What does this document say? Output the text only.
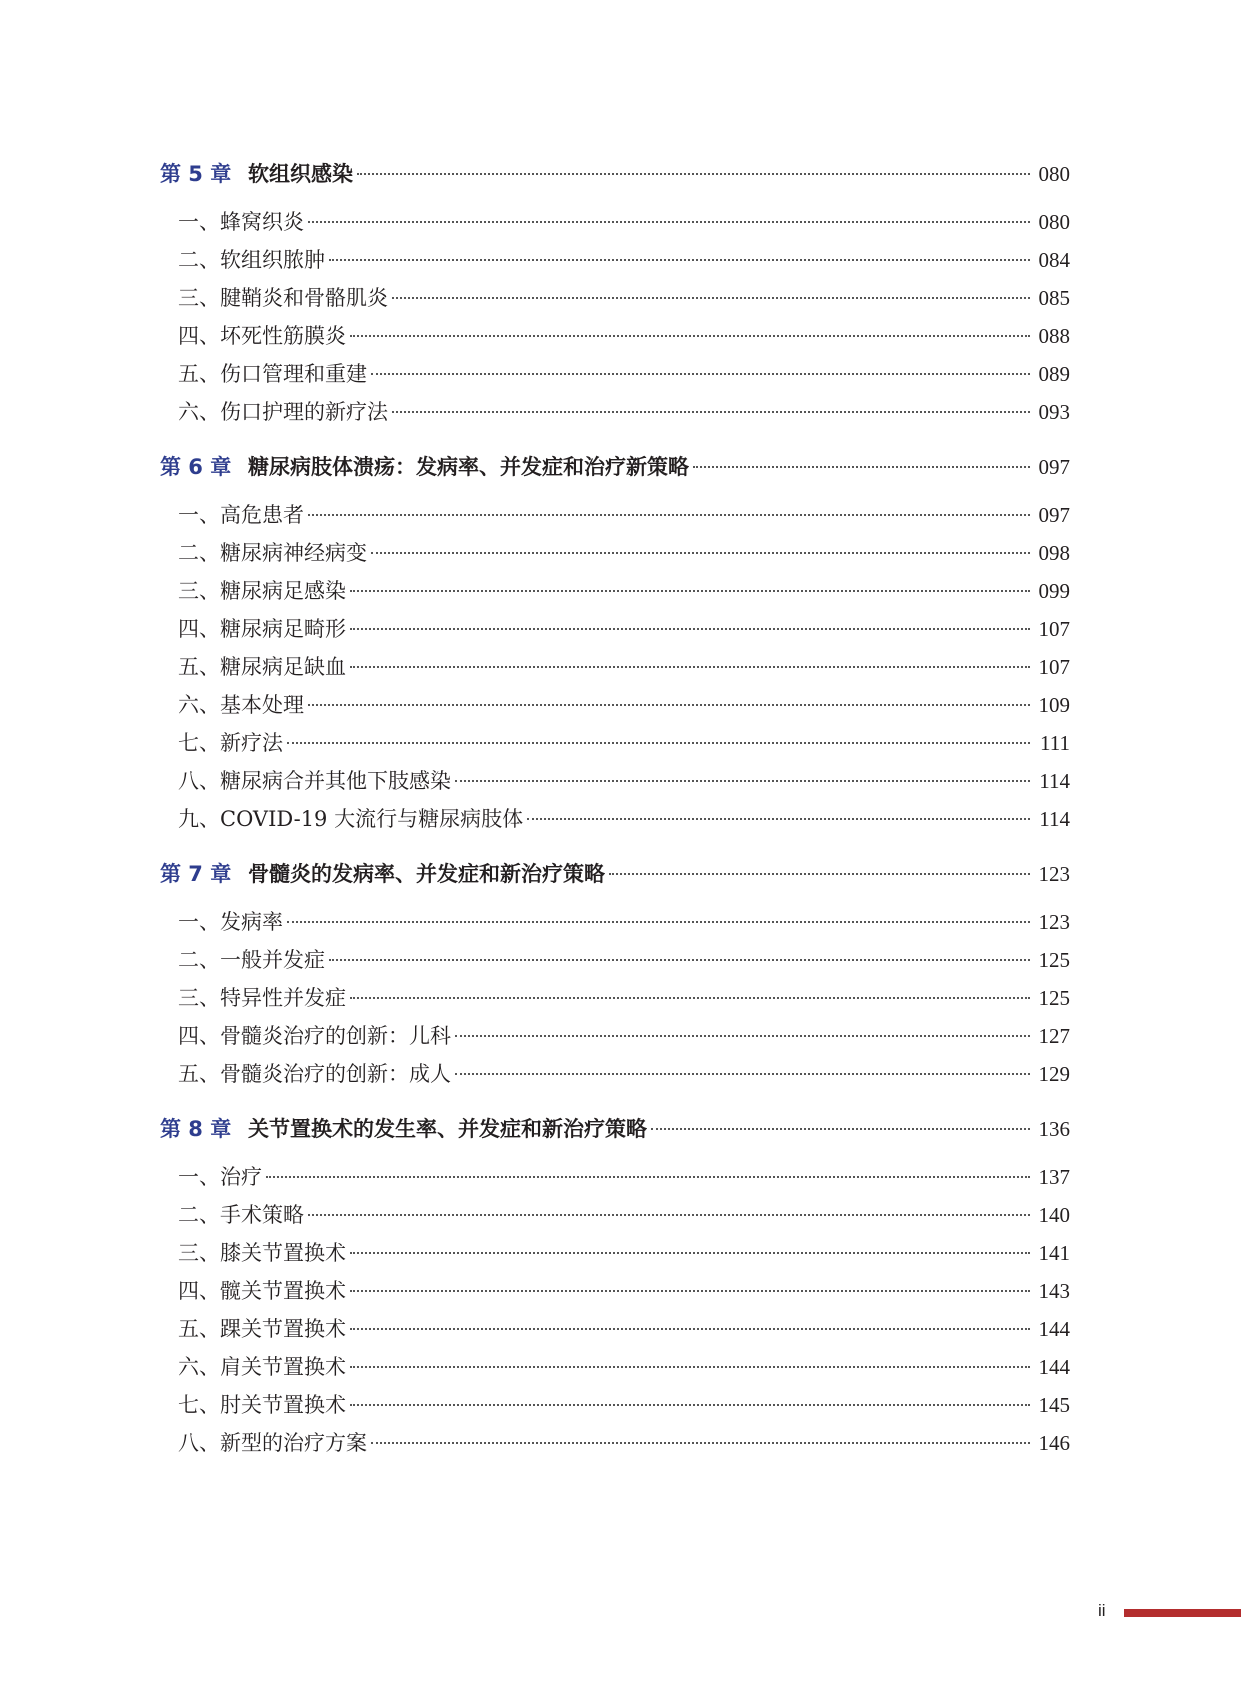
第 5 章 软组织感染	080
一、 蜂窝织炎	080
二、 软组织脓肿	084
三、 腱鞘炎和骨骼肌炎	085
四、 坏死性筋膜炎	088
五、 伤口管理和重建	089
六、 伤口护理的新疗法	093
第 6 章 糖尿病肢体溃疡：发病率、并发症和治疗新策略	097
一、 高危患者	097
二、 糖尿病神经病变	098
三、 糖尿病足感染	099
四、 糖尿病足畸形	107
五、 糖尿病足缺血	107
六、 基本处理	109
七、 新疗法	111
八、 糖尿病合并其他下肢感染	114
九、 COVID-19 大流行与糖尿病肢体	114
第 7 章 骨髓炎的发病率、并发症和新治疗策略	123
一、 发病率	123
二、 一般并发症	125
三、 特异性并发症	125
四、 骨髓炎治疗的创新：儿科	127
五、 骨髓炎治疗的创新：成人	129
第 8 章 关节置换术的发生率、并发症和新治疗策略	136
一、 治疗	137
二、 手术策略	140
三、 膝关节置换术	141
四、 髋关节置换术	143
五、 踝关节置换术	144
六、 肩关节置换术	144
七、 肘关节置换术	145
八、 新型的治疗方案	146
ii
